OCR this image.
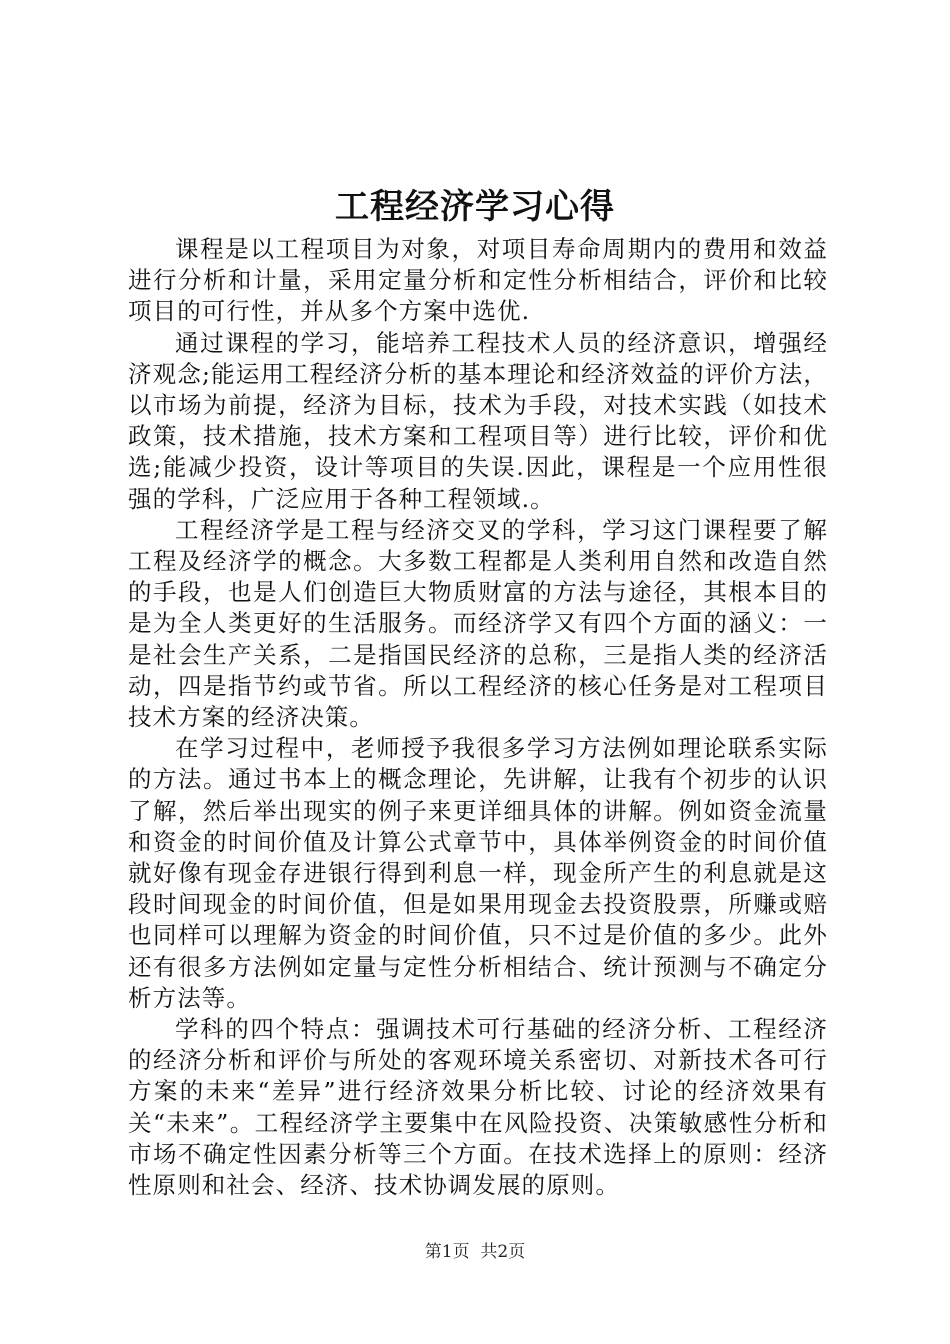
工程经济学习心得

课程是以工程项目为对象，对项目寿命周期内的费用和效益进行分析和计量，采用定量分析和定性分析相结合，评价和比较项目的可行性，并从多个方案中选优.

通过课程的学习，能培养工程技术人员的经济意识，增强经济观念;能运用工程经济分析的基本理论和经济效益的评价方法，以市场为前提，经济为目标，技术为手段，对技术实践（如技术政策，技术措施，技术方案和工程项目等）进行比较，评价和优选;能减少投资，设计等项目的失误.因此，课程是一个应用性很强的学科，广泛应用于各种工程领域.。

工程经济学是工程与经济交叉的学科，学习这门课程要了解工程及经济学的概念。大多数工程都是人类利用自然和改造自然的手段，也是人们创造巨大物质财富的方法与途径，其根本目的是为全人类更好的生活服务。而经济学又有四个方面的涵义：一是社会生产关系，二是指国民经济的总称，三是指人类的经济活动，四是指节约或节省。所以工程经济的核心任务是对工程项目技术方案的经济决策。

在学习过程中，老师授予我很多学习方法例如理论联系实际的方法。通过书本上的概念理论，先讲解，让我有个初步的认识了解，然后举出现实的例子来更详细具体的讲解。例如资金流量和资金的时间价值及计算公式章节中，具体举例资金的时间价值就好像有现金存进银行得到利息一样，现金所产生的利息就是这段时间现金的时间价值，但是如果用现金去投资股票，所赚或赔也同样可以理解为资金的时间价值，只不过是价值的多少。此外还有很多方法例如定量与定性分析相结合、统计预测与不确定分析方法等。

学科的四个特点：强调技术可行基础的经济分析、工程经济的经济分析和评价与所处的客观环境关系密切、对新技术各可行方案的未来“差异”进行经济效果分析比较、讨论的经济效果有关“未来”。工程经济学主要集中在风险投资、决策敏感性分析和市场不确定性因素分析等三个方面。在技术选择上的原则：经济性原则和社会、经济、技术协调发展的原则。

第1页  共2页
